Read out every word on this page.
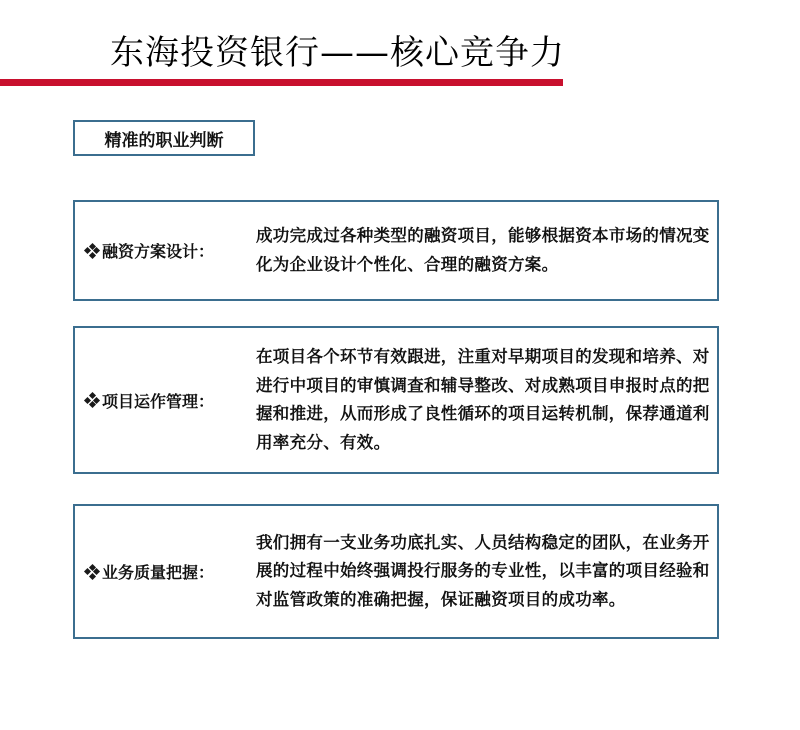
东海投资银行——核心竞争力
精准的职业判断
融资方案设计：

成功完成过各种类型的融资项目，能够根据资本市场的情况变化为企业设计个性化、合理的融资方案。

项目运作管理：

在项目各个环节有效跟进，注重对早期项目的发现和培养、对进行中项目的审慎调查和辅导整改、对成熟项目申报时点的把握和推进，从而形成了良性循环的项目运转机制，保荐通道利用率充分、有效。

业务质量把握：

我们拥有一支业务功底扎实、人员结构稳定的团队，在业务开展的过程中始终强调投行服务的专业性，以丰富的项目经验和对监管政策的准确把握，保证融资项目的成功率。
